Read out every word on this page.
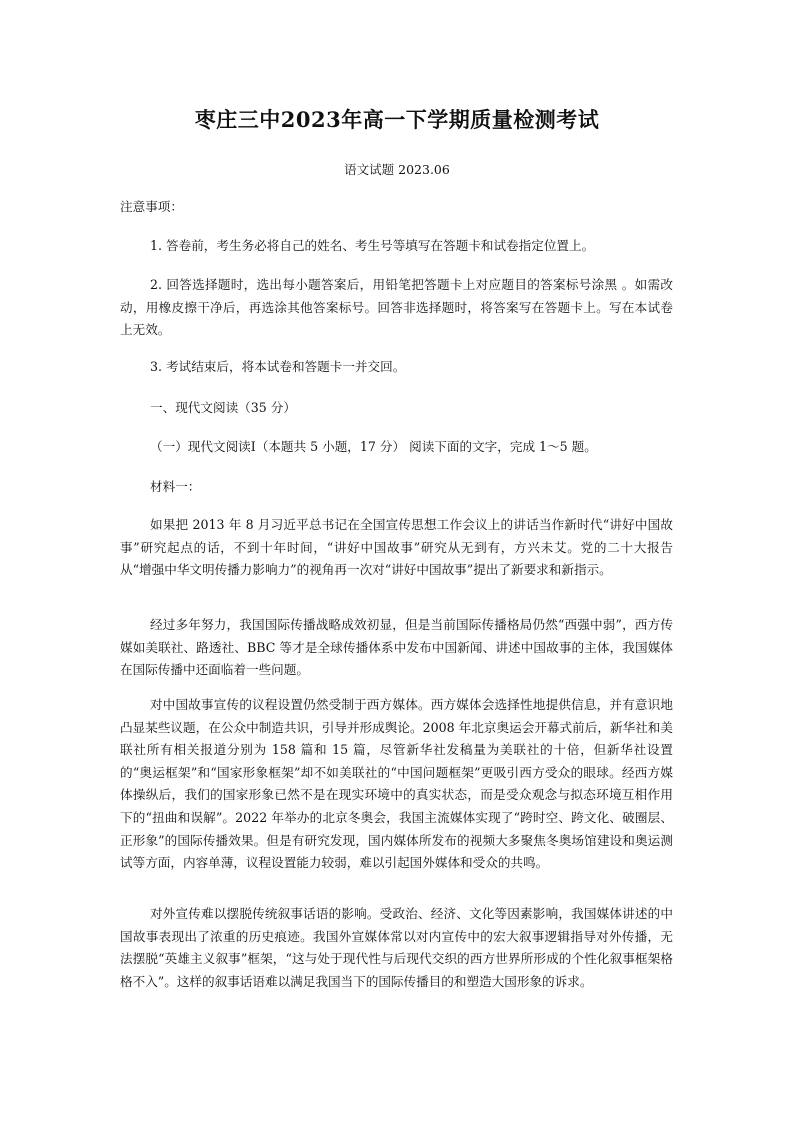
枣庄三中2023年高一下学期质量检测考试
语文试题 2023.06
注意事项：
1. 答卷前，考生务必将自己的姓名、考生号等填写在答题卡和试卷指定位置上。
2. 回答选择题时，选出每小题答案后，用铅笔把答题卡上对应题目的答案标号涂黑 。如需改动，用橡皮擦干净后，再选涂其他答案标号。回答非选择题时，将答案写在答题卡上。写在本试卷上无效。
3. 考试结束后，将本试卷和答题卡一并交回。
一、现代文阅读（35 分）
（一）现代文阅读Ⅰ（本题共 5 小题，17 分） 阅读下面的文字，完成 1～5 题。
材料一：
如果把 2013 年 8 月习近平总书记在全国宣传思想工作会议上的讲话当作新时代“讲好中国故事”研究起点的话，不到十年时间，“讲好中国故事”研究从无到有，方兴未艾。党的二十大报告从“增强中华文明传播力影响力”的视角再一次对“讲好中国故事”提出了新要求和新指示。
经过多年努力，我国国际传播战略成效初显，但是当前国际传播格局仍然“西强中弱”，西方传媒如美联社、路透社、BBC 等才是全球传播体系中发布中国新闻、讲述中国故事的主体，我国媒体在国际传播中还面临着一些问题。
对中国故事宣传的议程设置仍然受制于西方媒体。西方媒体会选择性地提供信息，并有意识地凸显某些议题，在公众中制造共识，引导并形成舆论。2008 年北京奥运会开幕式前后，新华社和美联社所有相关报道分别为 158 篇和 15 篇，尽管新华社发稿量为美联社的十倍，但新华社设置的“奥运框架”和“国家形象框架”却不如美联社的“中国问题框架”更吸引西方受众的眼球。经西方媒体操纵后，我们的国家形象已然不是在现实环境中的真实状态，而是受众观念与拟态环境互相作用下的“扭曲和误解”。2022 年举办的北京冬奥会，我国主流媒体实现了“跨时空、跨文化、破圈层、正形象”的国际传播效果。但是有研究发现，国内媒体所发布的视频大多聚焦冬奥场馆建设和奥运测试等方面，内容单薄，议程设置能力较弱，难以引起国外媒体和受众的共鸣。
对外宣传难以摆脱传统叙事话语的影响。受政治、经济、文化等因素影响，我国媒体讲述的中国故事表现出了浓重的历史痕迹。我国外宣媒体常以对内宣传中的宏大叙事逻辑指导对外传播，无法摆脱“英雄主义叙事”框架，“这与处于现代性与后现代交织的西方世界所形成的个性化叙事框架格格不入”。这样的叙事话语难以满足我国当下的国际传播目的和塑造大国形象的诉求。
